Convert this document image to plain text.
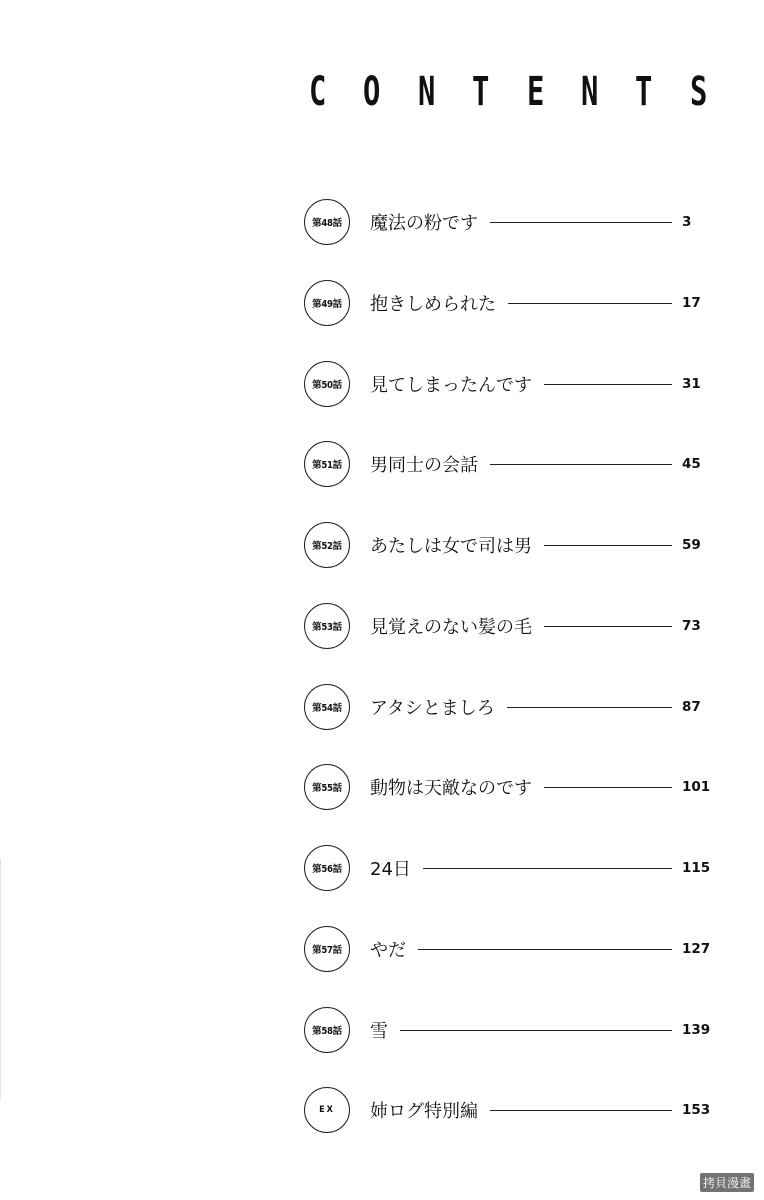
C O N T E N T S
第48話	魔法の粉です	3
第49話	抱きしめられた	17
第50話	見てしまったんです	31
第51話	男同士の会話	45
第52話	あたしは女で司は男	59
第53話	見覚えのない髪の毛	73
第54話	アタシとましろ	87
第55話	動物は天敵なのです	101
第56話	24日	115
第57話	やだ	127
第58話	雪	139
EX	姉ログ特別編	153
拷貝漫畫
